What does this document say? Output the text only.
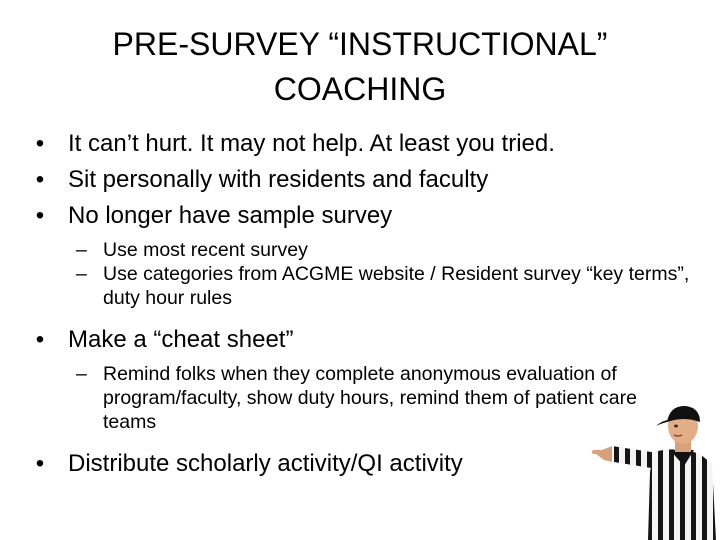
PRE-SURVEY “INSTRUCTIONAL”
COACHING
• It can’t hurt. It may not help. At least you tried.
• Sit personally with residents and faculty
• No longer have sample survey
– Use most recent survey
– Use categories from ACGME website / Resident survey “key terms”, duty hour rules
• Make a “cheat sheet”
– Remind folks when they complete anonymous evaluation of program/faculty, show duty hours, remind them of patient care teams
• Distribute scholarly activity/QI activity
